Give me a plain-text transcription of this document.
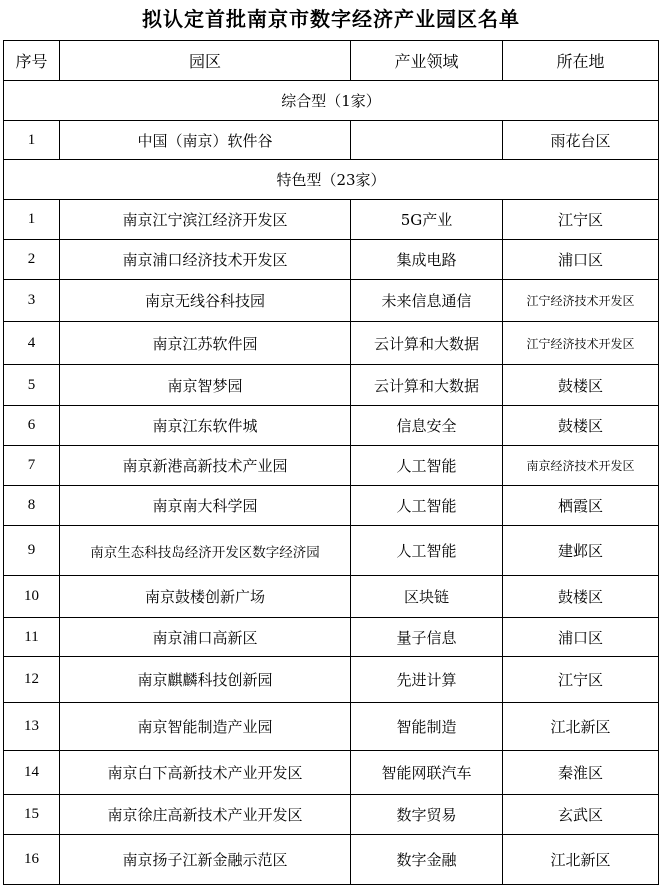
拟认定首批南京市数字经济产业园区名单
序号	园区	产业领域	所在地
综合型（1家）			
1	中国（南京）软件谷		雨花台区
特色型（23家）			
1	南京江宁滨江经济开发区	5G产业	江宁区
2	南京浦口经济技术开发区	集成电路	浦口区
3	南京无线谷科技园	未来信息通信	江宁经济技术开发区
4	南京江苏软件园	云计算和大数据	江宁经济技术开发区
5	南京智梦园	云计算和大数据	鼓楼区
6	南京江东软件城	信息安全	鼓楼区
7	南京新港高新技术产业园	人工智能	南京经济技术开发区
8	南京南大科学园	人工智能	栖霞区
9	南京生态科技岛经济开发区数字经济园	人工智能	建邺区
10	南京鼓楼创新广场	区块链	鼓楼区
11	南京浦口高新区	量子信息	浦口区
12	南京麒麟科技创新园	先进计算	江宁区
13	南京智能制造产业园	智能制造	江北新区
14	南京白下高新技术产业开发区	智能网联汽车	秦淮区
15	南京徐庄高新技术产业开发区	数字贸易	玄武区
16	南京扬子江新金融示范区	数字金融	江北新区
